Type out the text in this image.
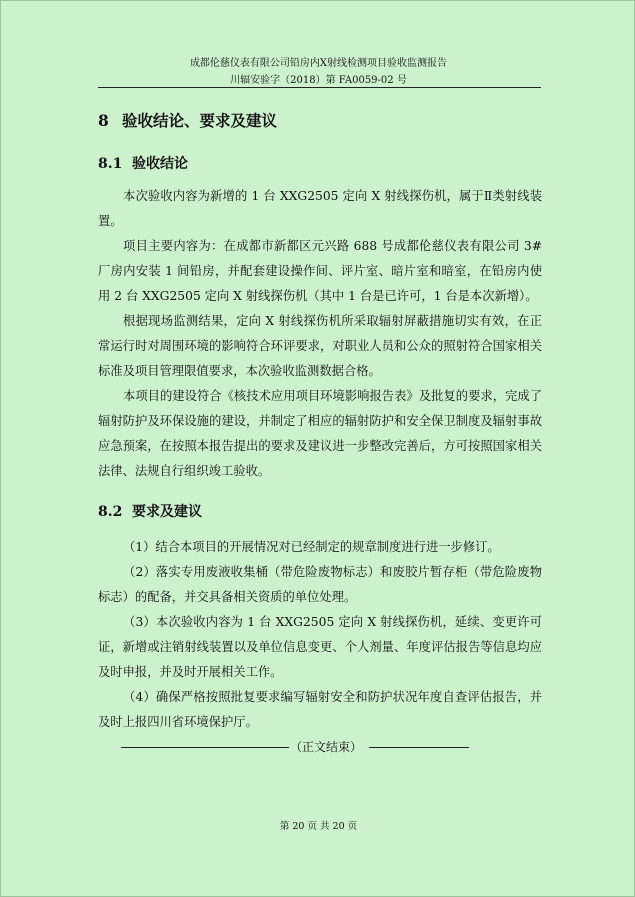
成都伦慈仪表有限公司铅房内X射线检测项目验收监测报告
川辐安验字（2018）第 FA0059-02 号
8 验收结论、要求及建议
8.1 验收结论
本次验收内容为新增的 1 台 XXG2505 定向 X 射线探伤机，属于Ⅱ类射线装置。
项目主要内容为：在成都市新都区元兴路 688 号成都伦慈仪表有限公司 3#厂房内安装 1 间铅房，并配套建设操作间、评片室、暗片室和暗室，在铅房内使用 2 台 XXG2505 定向 X 射线探伤机（其中 1 台是已许可，1 台是本次新增）。
根据现场监测结果，定向 X 射线探伤机所采取辐射屏蔽措施切实有效，在正常运行时对周围环境的影响符合环评要求，对职业人员和公众的照射符合国家相关标准及项目管理限值要求，本次验收监测数据合格。
本项目的建设符合《核技术应用项目环境影响报告表》及批复的要求，完成了辐射防护及环保设施的建设，并制定了相应的辐射防护和安全保卫制度及辐射事故应急预案，在按照本报告提出的要求及建议进一步整改完善后，方可按照国家相关法律、法规自行组织竣工验收。
8.2 要求及建议
（1）结合本项目的开展情况对已经制定的规章制度进行进一步修订。
（2）落实专用废液收集桶（带危险废物标志）和废胶片暂存柜（带危险废物标志）的配备，并交具备相关资质的单位处理。
（3）本次验收内容为 1 台 XXG2505 定向 X 射线探伤机，延续、变更许可证，新增或注销射线装置以及单位信息变更、个人剂量、年度评估报告等信息均应及时申报，并及时开展相关工作。
（4）确保严格按照批复要求编写辐射安全和防护状况年度自查评估报告，并及时上报四川省环境保护厅。
（正文结束）
第 20 页 共 20 页
